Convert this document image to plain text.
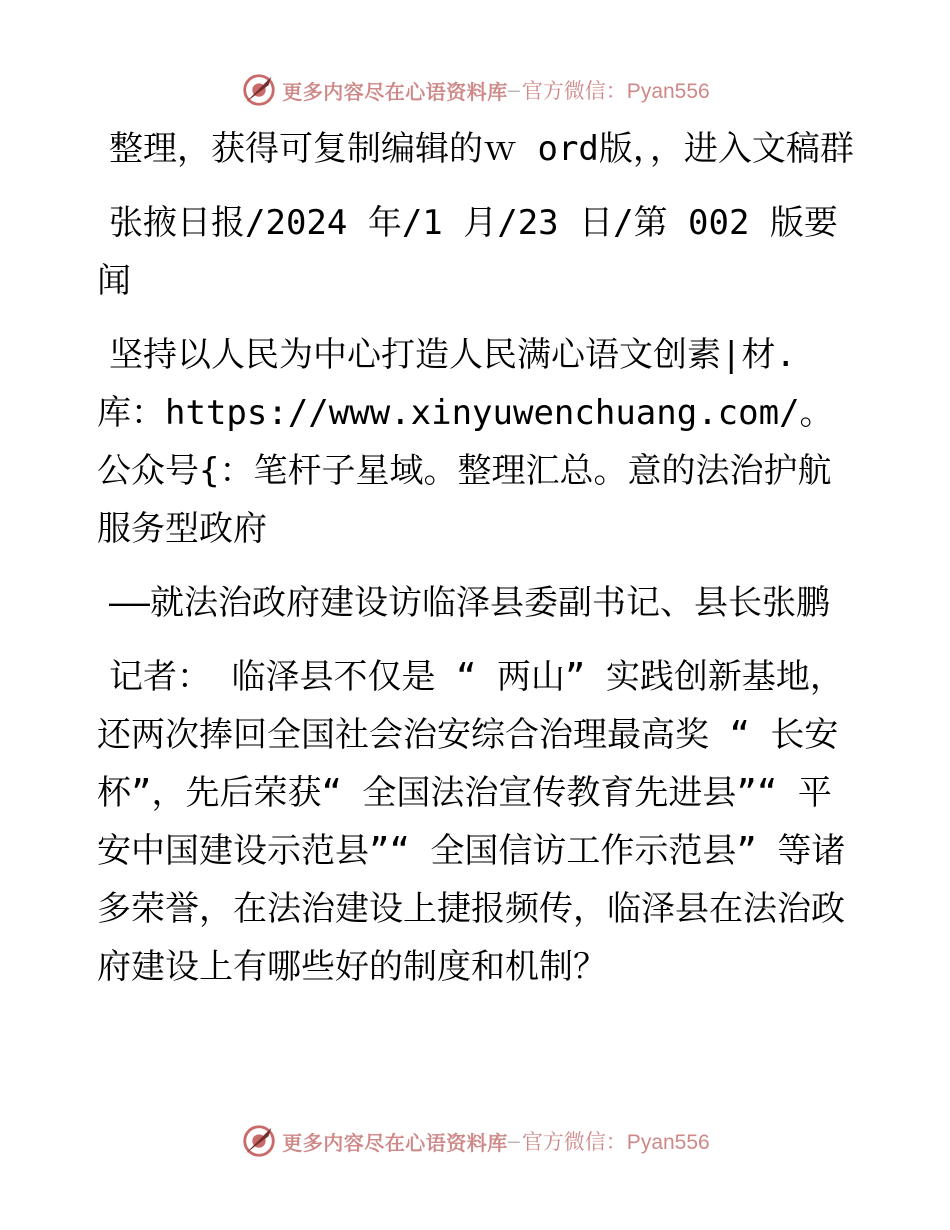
更多内容尽在心语资料库 — 官方微信：Pyan556

整理，获得可复制编辑的ｗ ord版，，进入文稿群

张掖日报/2024 年/1 月/23 日/第 002 版要闻

坚持以人民为中心打造人民满心语文创素|材.库：https://www.xinyuwenchuang.com/。公众号{：笔杆子星域。整理汇总。意的法治护航服务型政府

——就法治政府建设访临泽县委副书记、县长张鹏

记者： 临泽县不仅是 “ 两山” 实践创新基地， 还两次捧回全国社会治安综合治理最高奖 “ 长安杯”，先后荣获“ 全国法治宣传教育先进县”“ 平安中国建设示范县”“ 全国信访工作示范县” 等诸多荣誉，在法治建设上捷报频传，临泽县在法治政府建设上有哪些好的制度和机制？

更多内容尽在心语资料库 — 官方微信：Pyan556
